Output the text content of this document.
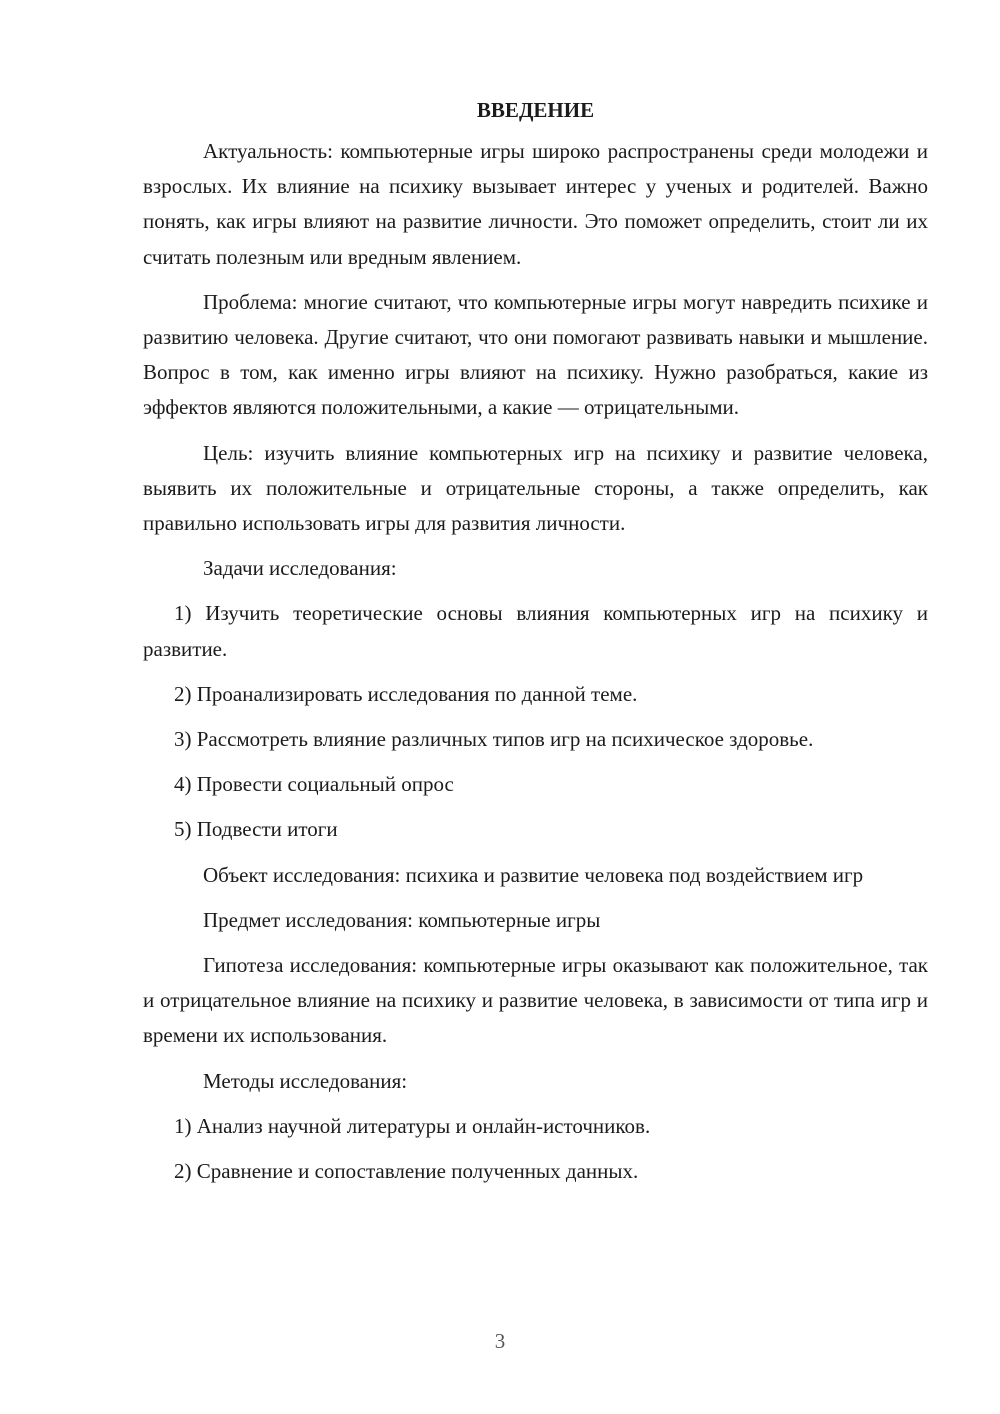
ВВЕДЕНИЕ

Актуальность: компьютерные игры широко распространены среди молодежи и взрослых. Их влияние на психику вызывает интерес у ученых и родителей. Важно понять, как игры влияют на развитие личности. Это поможет определить, стоит ли их считать полезным или вредным явлением.

Проблема: многие считают, что компьютерные игры могут навредить психике и развитию человека. Другие считают, что они помогают развивать навыки и мышление. Вопрос в том, как именно игры влияют на психику. Нужно разобраться, какие из эффектов являются положительными, а какие — отрицательными.

Цель: изучить влияние компьютерных игр на психику и развитие человека, выявить их положительные и отрицательные стороны, а также определить, как правильно использовать игры для развития личности.

Задачи исследования:

1) Изучить теоретические основы влияния компьютерных игр на психику и развитие.

2) Проанализировать исследования по данной теме.
3) Рассмотреть влияние различных типов игр на психическое здоровье.
4) Провести социальный опрос
5) Подвести итоги

Объект исследования: психика и развитие человека под воздействием игр

Предмет исследования: компьютерные игры

Гипотеза исследования: компьютерные игры оказывают как положительное, так и отрицательное влияние на психику и развитие человека, в зависимости от типа игр и времени их использования.

Методы исследования:
1) Анализ научной литературы и онлайн-источников.
2) Сравнение и сопоставление полученных данных.
3
